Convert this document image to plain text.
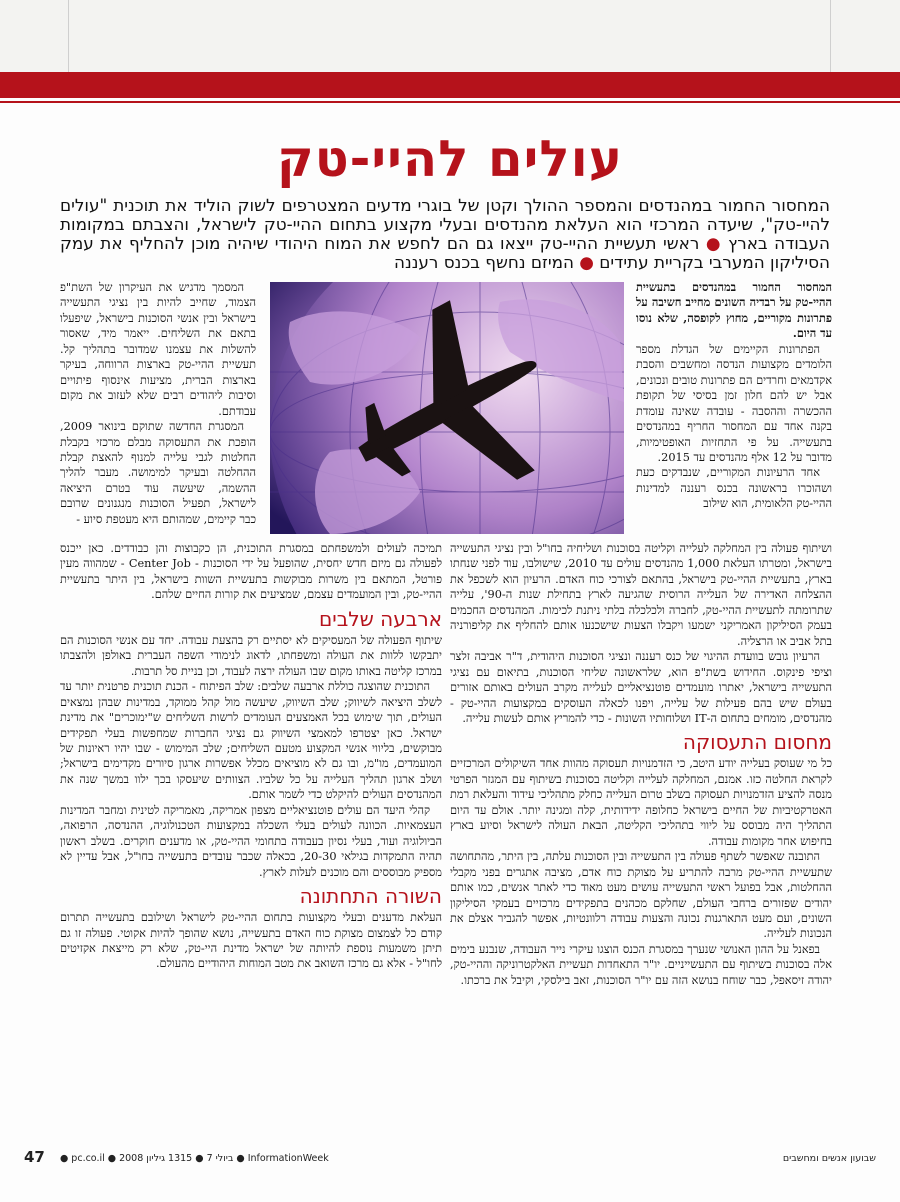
עולים להיי-טק

המחסור החמור במהנדסים והמספר ההולך וקטן של בוגרי מדעים המצטרפים לשוק הוליד את תוכנית "עולים להיי-טק", שיעדה המרכזי הוא העלאת מהנדסים ובעלי מקצוע בתחום ההיי-טק לישראל, והצבתם במקומות העבודה בארץ ● ראשי תעשיית ההיי-טק ייצאו גם הם לחפש את המוח היהודי שיהיה מוכן להחליף את עמק הסיליקון המערבי בקריית עתידים ● המיזם נחשף בכנס רעננה

המחסור החמור במהנדסים בתעשיית ההיי-טק על רבדיה השונים מחייב חשיבה על פתרונות מקוריים, מחוץ לקופסה, שלא נוסו עד היום.

הפתרונות הקיימים של הגדלת מספר הלומדים מקצועות הנדסה ומחשבים והסבת אקדמאים וחרדים הם פתרונות טובים ונכונים, אבל יש להם חלון זמן בסיסי של תקופת ההכשרה וההסבה - עובדה שאינה עומדת בקנה אחד עם המחסור החריף במהנדסים בתעשייה. על פי התחזיות האופטימיות, מדובר על 12 אלף מהנדסים עד 2015.

אחד הרעיונות המקוריים, שנבדקים כעת ושהוכרו בראשונה בכנס רעננה למדינות ההיי-טק הלאומית, הוא שילוב

המסמך מדגיש את העיקרון של השת"פ הצמוד, שחייב להיות בין נציגי התעשייה בישראל ובין אנשי הסוכנות בישראל, שיפעלו בתאם את השליחים. ייאמר מיד, שאסור להשלות את עצמנו שמדובר בתהליך קל. תעשיית ההיי-טק בארצות הרווחה, בעיקר בארצות הברית, מציעות אינסוף פיתויים וסיבות ליהודים רבים שלא לעזוב את מקום עבודתם.

המסגרת החדשה שתוקם בינואר 2009, הופכת את התעסוקה מבלם מרכזי בקבלת החלטות לגבי עלייה למנוף להאצת קבלת ההחלטה ובעיקר למימושה. מעבר להליך ההשמה, שיעשה עוד בטרם היציאה לישראל, תפעיל הסוכנות מנגנונים שרובם כבר קיימים, שמהותם היא מעטפת סיוע -

ושיתוף פעולה בין המחלקה לעלייה וקליטה בסוכנות ושליחיה בחו"ל ובין נציגי התעשייה בישראל, ומטרתו העלאת 1,000 מהנדסים עולים עד 2010, שישולבו, עוד לפני שנחתו בארץ, בתעשיית ההיי-טק בישראל, בהתאם לצורכי כוח האדם. הרעיון הוא לשכפל את ההצלחה האדירה של העלייה הרוסית שהגיעה לארץ בתחילת שנות ה-90', עלייה שתרומתה לתעשיית ההיי-טק, לחברה ולכלכלה בלתי ניתנת לכימות. המהנדסים החכמים בעמק הסיליקון האמריקני ישמעו ויקבלו הצעות שישכנעו אותם להחליף את קליפורניה בתל אביב או הרצליה.

הרעיון גובש בוועדת ההיגוי של כנס רעננה ונציגי הסוכנות היהודית, ד"ר אביבה זלצר וציפי פינקוס. החידוש בשת"פ הוא, שלראשונה שליחי הסוכנות, בתיאום עם נציגי התעשייה בישראל, יאתרו מועמדים פוטנציאליים לעלייה מקרב העולים באותם אזורים בעולם שיש בהם פעילות של עלייה, ויפנו לכאלה העוסקים במקצועות ההיי-טק - מהנדסים, מומחים בתחום ה-IT ושלוחותיו השונות - כדי להמריץ אותם לעשות עלייה.

מחסום התעסוקה

כל מי שעוסק בעלייה יודע היטב, כי הזדמנויות תעסוקה מהוות אחד השיקולים המרכזיים לקראת החלטה כזו. אמנם, המחלקה לעלייה וקליטה בסוכנות בשיתוף עם המגזר הפרטי מנסה להציע הזדמנויות תעסוקה בשלב טרום העלייה כחלק מתהליכי עידוד והעלאת רמת האטרקטיביות של החיים בישראל כחלופה ידידותית, קלה ומגינה יותר. אולם עד היום התהליך היה מבוסס על ליווי בתהליכי הקליטה, הבאת העולה לישראל וסיוע בארץ בחיפוש אחר מקומות עבודה.

התובנה שאפשר לשתף פעולה בין התעשייה ובין הסוכנות עלתה, בין היתר, מהתחושה שתעשיית ההיי-טק מרבה להתריע על מצוקת כוח אדם, מציבה אתגרים בפני מקבלי ההחלטות, אבל בפועל ראשי התעשייה עושים מעט מאוד כדי לאתר אנשים, כמו אותם יהודים שפזורים ברחבי העולם, שחלקם מכהנים בתפקידים מרכזיים בעמקי הסיליקון השונים, ועם מעט התארגנות נכונה והצעות עבודה רלוונטיות, אפשר להגביר אצלם את הנכונות לעלייה.

בפאנל על ההון האנושי שנערך במסגרת הכנס הוצגו עיקרי נייר העבודה, שנבנע בימים אלה בסוכנות בשיתוף עם התעשייניים. יו"ר התאחדות תעשיית האלקטרוניקה וההיי-טק, יהודה זיסאפל, כבר שוחח בנושא הזה עם יו"ר הסוכנות, זאב בילסקי, וקיבל את ברכתו.

תמיכה לעולים ולמשפחתם במסגרת התוכנית, הן כקבוצות והן כבודדים. כאן ייכנס לפעולה גם מיזם חדש יחסית, שהופעל על ידי הסוכנות - Center Job - שמהווה מעין פורטל, המתאם בין משרות מבוקשות בתעשיית השוות בישראל, בין היתר בתעשיית ההיי-טק, ובין המועמדים עצמם, שמציעים את קורות החיים שלהם.

ארבעה שלבים

שיתוף הפעולה של המעסיקים לא יסתיים רק בהצעת עבודה. יחד עם אנשי הסוכנות הם יתבקשו ללוות את העולה ומשפחתו, לדאוג לנימודי השפה העברית באולפן ולהצבתו במרכז קליטה באותו מקום שבו העולה ירצה לעבוד, וכן בניית סל תרבות.

התוכנית שהוצגה כוללת ארבעה שלבים: שלב הפיתוח - הכנת תוכנית פרטנית יותר עד לשלב היציאה לשיווק; שלב השיווק, שיעשה מול קהל ממוקד, במדינות שבהן נמצאים העולים, תוך שימוש בכל האמצעים העומדים לרשות השליחים ש"ימוכרים" את מדינת ישראל. כאן יצטרפו למאמצי השיווק גם נציגי החברות שמחפשות בעלי תפקידים מבוקשים, בליווי אנשי המקצוע מטעם השליחים; שלב המימוש - שבו יהיו ראיונות של המועמדים, מו"מ, ובו גם לא מוציאים מכלל אפשרות ארגון סיורים מקדימים בישראל; ושלב ארגון תהליך העלייה על כל שלביו. הצוותים שיעסקו בכך ילוו במשך שנה את המהנדסים העולים להיקלט כדי לשמר אותם.

קהלי היעד הם עולים פוטנציאליים מצפון אמריקה, מאמריקה לטינית ומחבר המדינות העצמאיות. הכוונה לעולים בעלי השכלה במקצועות הטכנולוגיה, ההנדסה, הרפואה, הביולוגיה ועוד, בעלי נסיון בעבודה בתחומי ההיי-טק, או מדענים חוקרים. בשלב ראשון תהיה התמקדות בגילאי 20-30, בכאלה שכבר עובדים בתעשייה בחו"ל, אבל עדיין לא מספיק מבוססים והם מוכנים לעלות לארץ.

השורה התחתונה

העלאת מדענים ובעלי מקצועות בתחום ההיי-טק לישראל ושילובם בתעשייה תתרום קודם כל לצמצום מצוקת כוח האדם בתעשייה, נושא שהופך להיות אקוטי. פעולה זו גם תיתן משמעות נוספת להיותה של ישראל מדינת היי-טק, שלא רק מייצאת אקזיטים לחו"ל - אלא גם מרכז השואב את מטב המוחות היהודיים מהעולם.

47 ● pc.co.il ● 2008 ביולי 7 ● 1315 גיליון ● InformationWeek	שבועון אנשים ומחשבים
